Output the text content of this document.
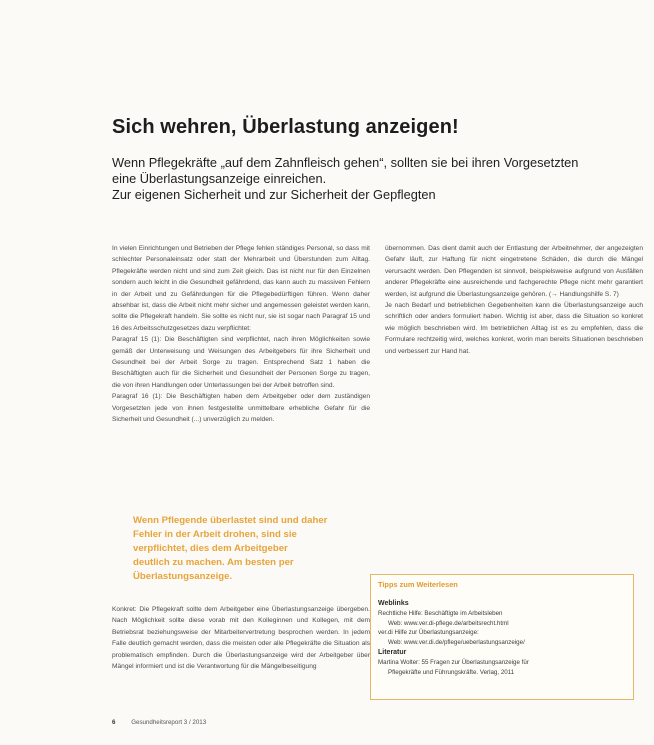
Sich wehren, Überlastung anzeigen!
Wenn Pflegekräfte „auf dem Zahnfleisch gehen“, sollten sie bei ihren Vorgesetzten
eine Überlastungsanzeige einreichen.
Zur eigenen Sicherheit und zur Sicherheit der Gepflegten

In vielen Einrichtungen und Betrieben der Pflege fehlen ständiges Personal, so dass mit schlechter Personaleinsatz oder statt der Mehrarbeit und Überstunden zum Alltag. Pflegekräfte werden nicht und sind zum Zeit gleich. Das ist nicht nur für den Einzelnen sondern auch leicht in die Gesundheit gefährdend, das kann auch zu massiven Fehlern in der Arbeit und zu Gefährdungen für die Pflegebedürftigen führen. Wenn daher absehbar ist, dass die Arbeit nicht mehr sicher und angemessen geleistet werden kann, sollte die Pflegekraft handeln. Sie sollte es nicht nur, sie ist sogar nach Paragraf 15 und 16 des Arbeitsschutzgesetzes dazu verpflichtet:

Paragraf 15 (1): Die Beschäftigten sind verpflichtet, nach ihren Möglichkeiten sowie gemäß der Unterweisung und Weisungen des Arbeitgebers für ihre Sicherheit und Gesundheit bei der Arbeit Sorge zu tragen. Entsprechend Satz 1 haben die Beschäftigten auch für die Sicherheit und Gesundheit der Personen Sorge zu tragen, die von ihren Handlungen oder Unterlassungen bei der Arbeit betroffen sind.

Paragraf 16 (1): Die Beschäftigten haben dem Arbeitgeber oder dem zuständigen Vorgesetzten jede von ihnen festgestellte unmittelbare erhebliche Gefahr für die Sicherheit und Gesundheit (...) unverzüglich zu melden.

Wenn Pflegende überlastet sind und daher
Fehler in der Arbeit drohen, sind sie
verpflichtet, dies dem Arbeitgeber
deutlich zu machen. Am besten per
Überlastungsanzeige.

Konkret: Die Pflegekraft sollte dem Arbeitgeber eine Überlastungsanzeige übergeben. Nach Möglichkeit sollte diese vorab mit den Kolleginnen und Kollegen, mit dem Betriebsrat beziehungsweise der Mitarbeitervertretung besprochen werden. In jedem Falle deutlich gemacht werden, dass die meisten oder alle Pflegekräfte die Situation als problematisch empfinden. Durch die Überlastungsanzeige wird der Arbeitgeber über Mängel informiert und ist die Verantwortung für die Mängelbeseitigung

übernommen. Das dient damit auch der Entlastung der Arbeitnehmer, der angezeigten Gefahr läuft, zur Haftung für nicht eingetretene Schäden, die durch die Mängel verursacht werden. Den Pflegenden ist sinnvoll, beispielsweise aufgrund von Ausfällen anderer Pflegekräfte eine ausreichende und fachgerechte Pflege nicht mehr garantiert werden, ist aufgrund die Überlastungsanzeige gehören. (→ Handlungshilfe S. 7)

Je nach Bedarf und betrieblichen Gegebenheiten kann die Überlastungsanzeige auch schriftlich oder anders formuliert haben. Wichtig ist aber, dass die Situation so konkret wie möglich beschrieben wird. Im betrieblichen Alltag ist es zu empfehlen, dass die Formulare rechtzeitig wird, welches konkret, worin man bereits Situationen beschrieben und verbessert zur Hand hat.

Tipps zum Weiterlesen
Weblinks
Rechtliche Hilfe: Beschäftigte im Arbeitsleben
Web: www.ver.di-pflege.de/arbeitsrecht.html
ver.di Hilfe zur Überlastungsanzeige:
Web: www.ver.di.de/pflege/ueberlastungsanzeige/
Literatur
Martina Wolter: 55 Fragen zur Überlastungsanzeige für
Pflegekräfte und Führungskräfte. Verlag, 2011
6	Gesundheitsreport 3 / 2013
